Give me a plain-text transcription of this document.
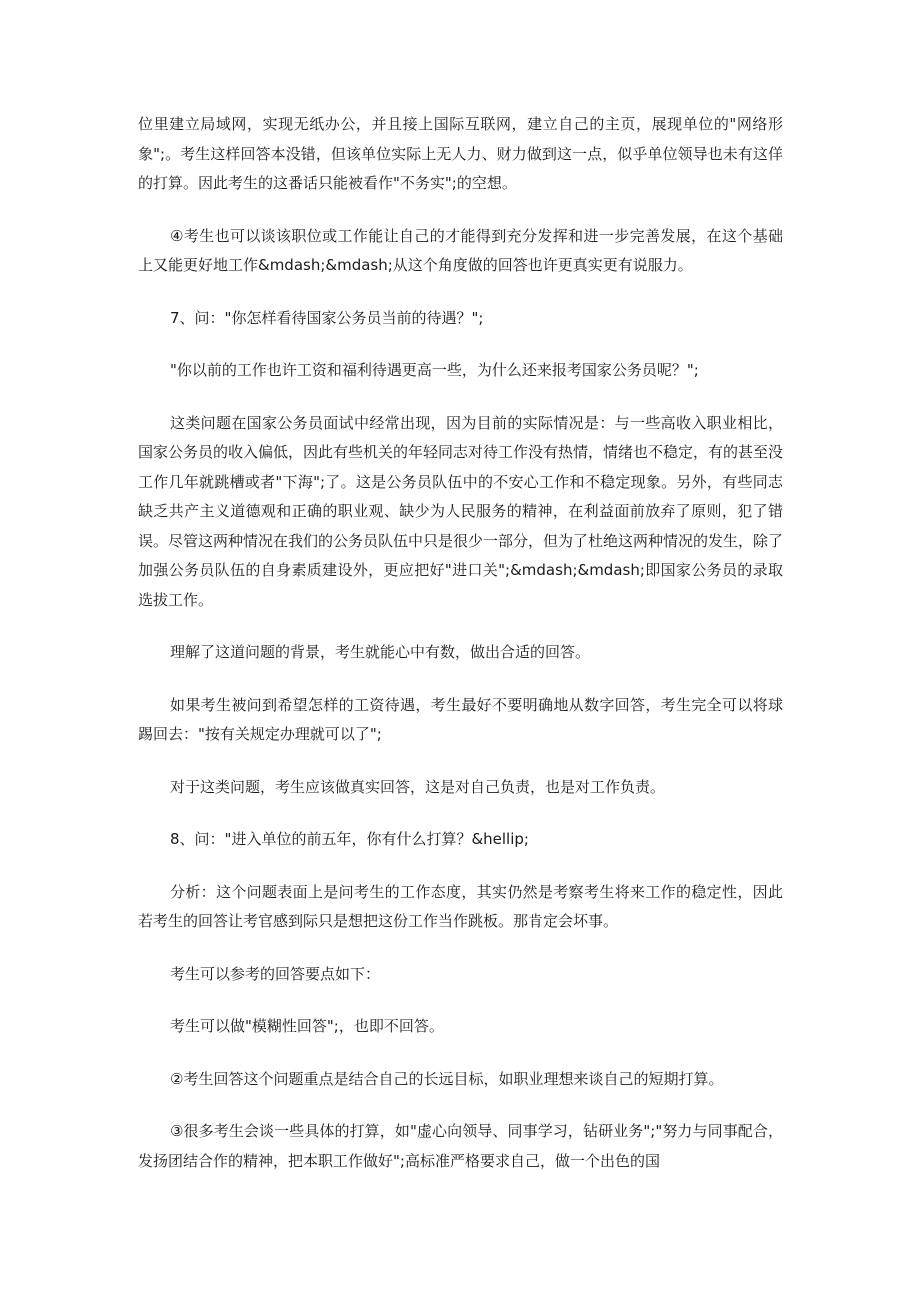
位里建立局域网，实现无纸办公，并且接上国际互联网，建立自己的主页，展现单位的"网络形象";。考生这样回答本没错，但该单位实际上无人力、财力做到这一点，似乎单位领导也未有这佯的打算。因此考生的这番话只能被看作"不务实";的空想。

④考生也可以谈该职位或工作能让自己的才能得到充分发挥和进一步完善发展，在这个基础上又能更好地工作&mdash;&mdash;从这个角度做的回答也许更真实更有说服力。

7、问："你怎样看待国家公务员当前的待遇？";

"你以前的工作也许工资和福利待遇更高一些，为什么还来报考国家公务员呢？";

这类问题在国家公务员面试中经常出现，因为目前的实际情况是：与一些高收入职业相比，国家公务员的收入偏低，因此有些机关的年轻同志对待工作没有热情，情绪也不稳定，有的甚至没工作几年就跳槽或者"下海";了。这是公务员队伍中的不安心工作和不稳定现象。另外，有些同志缺乏共产主义道德观和正确的职业观、缺少为人民服务的精神，在利益面前放弃了原则，犯了错误。尽管这两种情况在我们的公务员队伍中只是很少一部分，但为了杜绝这两种情况的发生，除了加强公务员队伍的自身素质建设外，更应把好"进口关";&mdash;&mdash;即国家公务员的录取选拔工作。

理解了这道问题的背景，考生就能心中有数，做出合适的回答。

如果考生被问到希望怎样的工资待遇，考生最好不要明确地从数字回答，考生完全可以将球踢回去："按有关规定办理就可以了";

对于这类问题，考生应该做真实回答，这是对自己负责，也是对工作负责。

8、问："进入单位的前五年，你有什么打算？&hellip;

分析：这个问题表面上是问考生的工作态度，其实仍然是考察考生将来工作的稳定性，因此若考生的回答让考官感到际只是想把这份工作当作跳板。那肯定会坏事。

考生可以参考的回答要点如下：

考生可以做"模糊性回答";，也即不回答。

②考生回答这个问题重点是结合自己的长远目标，如职业理想来谈自己的短期打算。

③很多考生会谈一些具体的打算，如"虚心向领导、同事学习，钻研业务";"努力与同事配合，发扬团结合作的精神，把本职工作做好";高标准严格要求自己，做一个出色的国
